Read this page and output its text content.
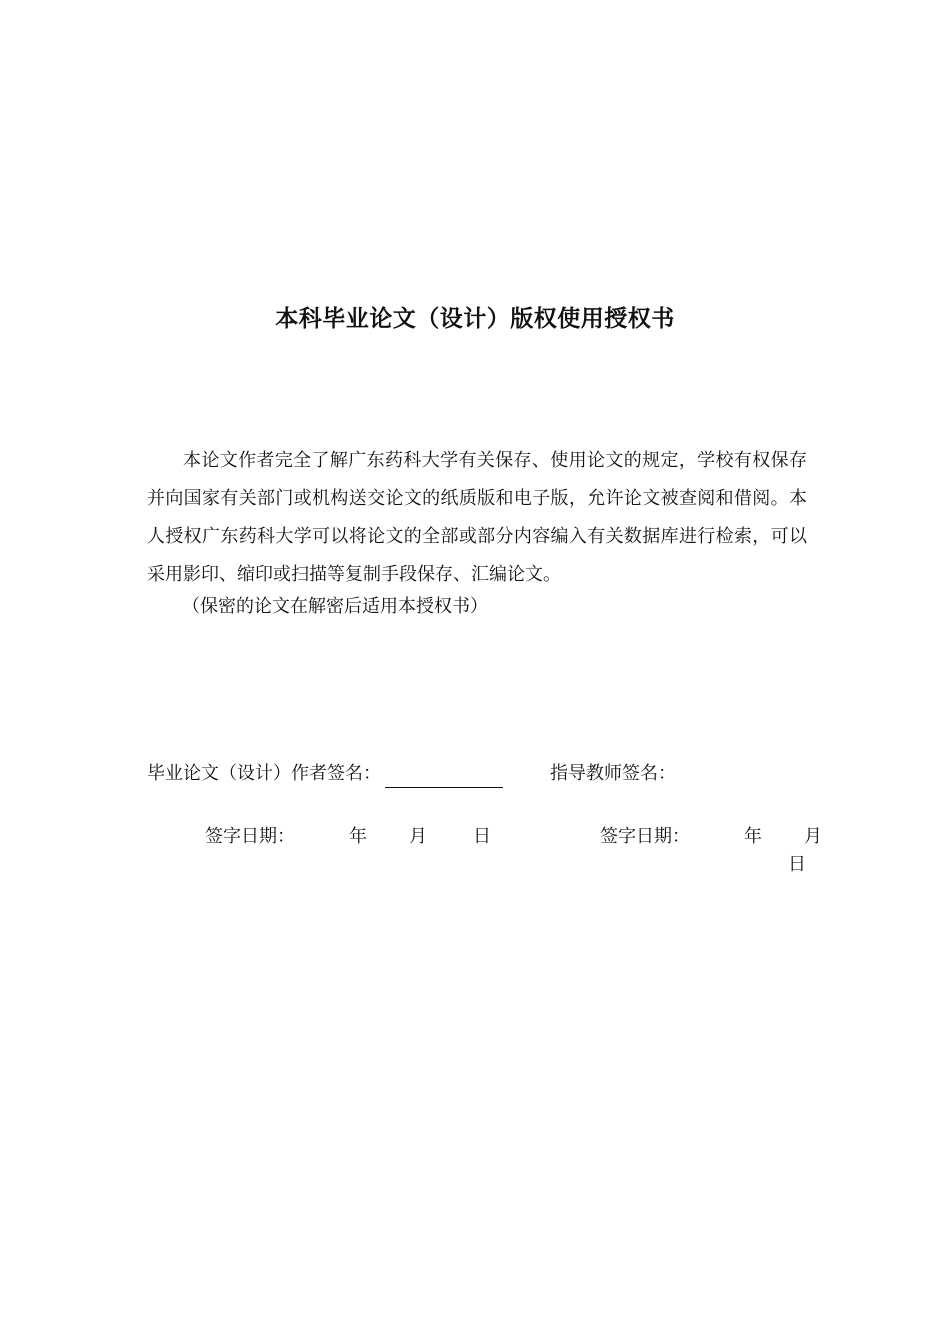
本科毕业论文（设计）版权使用授权书

本论文作者完全了解广东药科大学有关保存、使用论文的规定，学校有权保存并向国家有关部门或机构送交论文的纸质版和电子版，允许论文被查阅和借阅。本人授权广东药科大学可以将论文的全部或部分内容编入有关数据库进行检索，可以采用影印、缩印或扫描等复制手段保存、汇编论文。

（保密的论文在解密后适用本授权书）

毕业论文（设计）作者签名：	指导教师签名：
签字日期：	年 月	日	签字日期：	年 月
日
